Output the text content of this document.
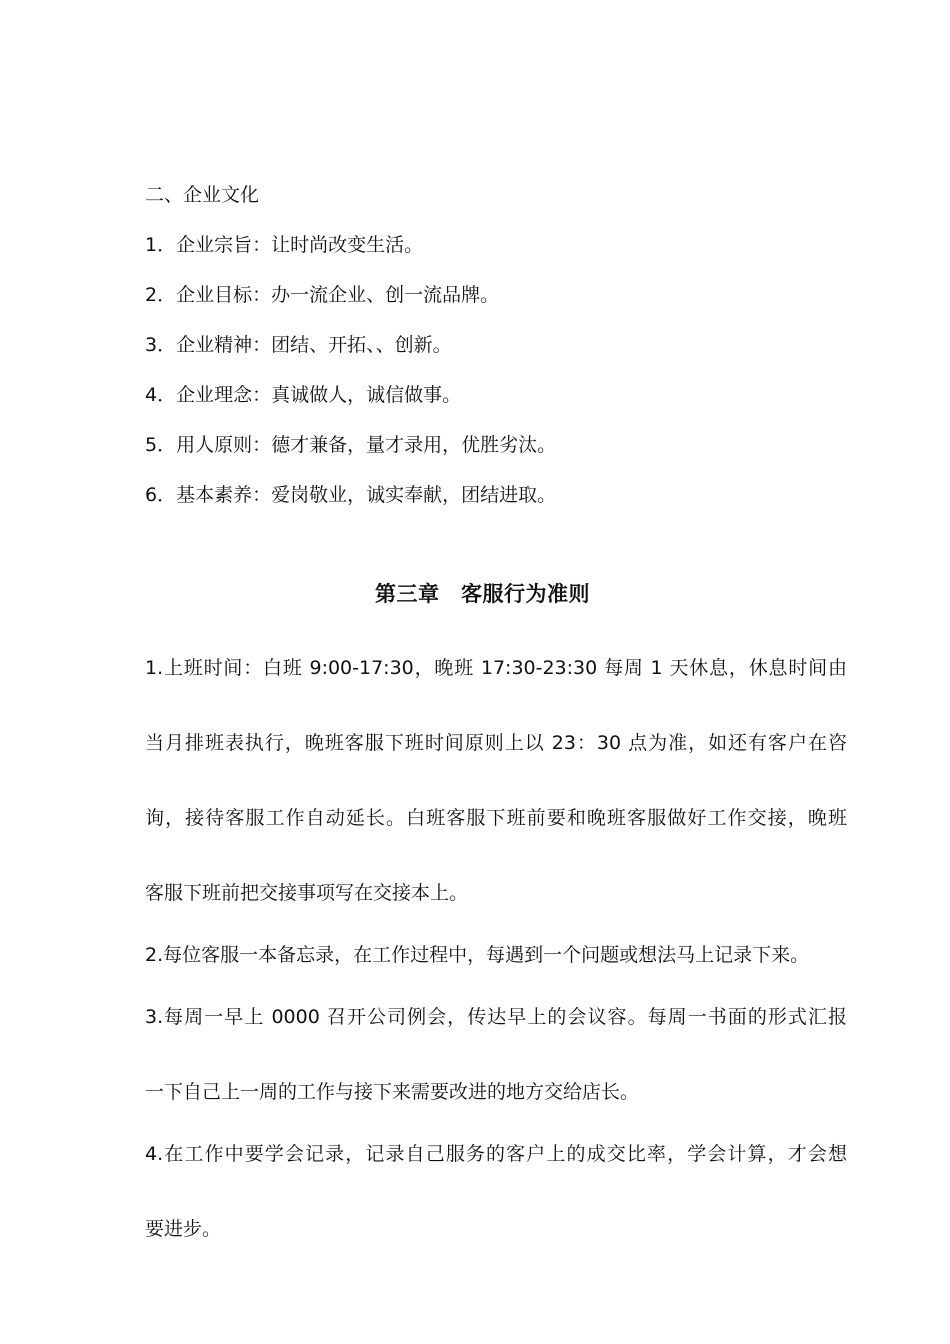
二、企业文化
1．企业宗旨：让时尚改变生活。
2．企业目标：办一流企业、创一流品牌。
3．企业精神：团结、开拓、、创新。
4．企业理念：真诚做人，诚信做事。
5．用人原则：德才兼备，量才录用，优胜劣汰。
6．基本素养：爱岗敬业，诚实奉献，团结进取。
第三章　客服行为准则
1.上班时间：白班 9:00-17:30，晚班 17:30-23:30 每周 1 天休息，休息时间由
当月排班表执行，晚班客服下班时间原则上以 23：30 点为准，如还有客户在咨
询，接待客服工作自动延长。白班客服下班前要和晚班客服做好工作交接，晚班
客服下班前把交接事项写在交接本上。
2.每位客服一本备忘录，在工作过程中，每遇到一个问题或想法马上记录下来。
3.每周一早上 0000 召开公司例会，传达早上的会议容。每周一书面的形式汇报
一下自己上一周的工作与接下来需要改进的地方交给店长。
4.在工作中要学会记录，记录自己服务的客户上的成交比率，学会计算，才会想
要进步。
